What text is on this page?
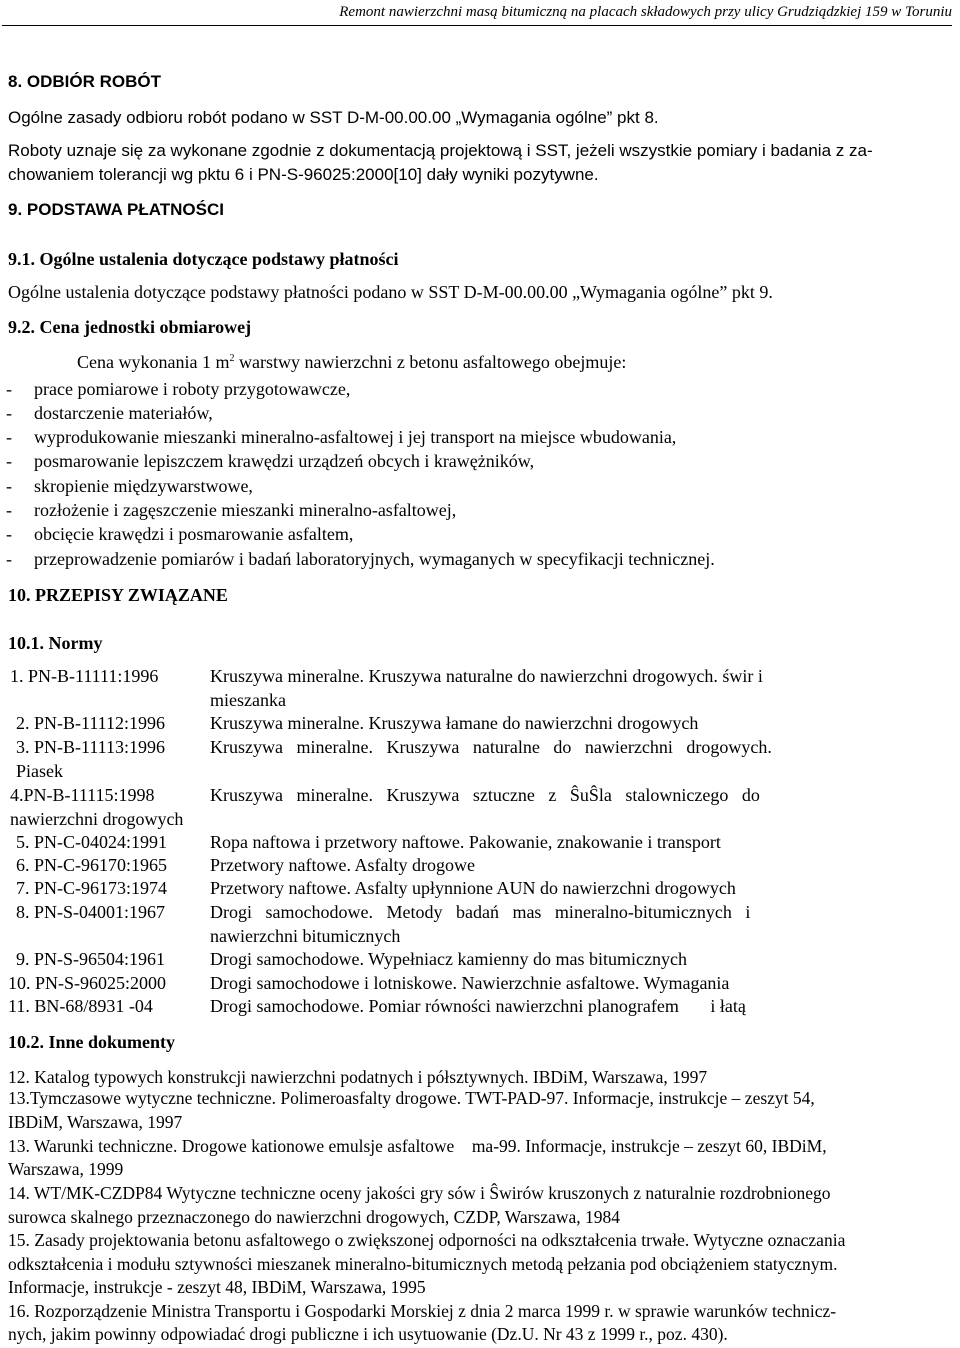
Remont nawierzchni masą bitumiczną na placach składowych przy ulicy Grudziądzkiej 159 w Toruniu
8. ODBIÓR ROBÓT
Ogólne zasady odbioru robót podano w SST D-M-00.00.00 „Wymagania ogólne” pkt 8.
Roboty uznaje się za wykonane zgodnie z dokumentacją projektową i SST, jeżeli wszystkie pomiary i badania z za-
chowaniem tolerancji wg pktu 6 i PN-S-96025:2000[10] dały wyniki pozytywne.
9. PODSTAWA PŁATNOŚCI
9.1. Ogólne ustalenia dotyczące podstawy płatności
Ogólne ustalenia dotyczące podstawy płatności podano w SST D-M-00.00.00 „Wymagania ogólne” pkt 9.
9.2. Cena jednostki obmiarowej
Cena wykonania 1 $m^2$ warstwy nawierzchni z betonu asfaltowego obejmuje:
- prace pomiarowe i roboty przygotowawcze,
- dostarczenie materiałów,
- wyprodukowanie mieszanki mineralno-asfaltowej i jej transport na miejsce wbudowania,
- posmarowanie lepiszczem krawędzi urządzeń obcych i krawężników,
- skropienie międzywarstwowe,
- rozłożenie i zagęszczenie mieszanki mineralno-asfaltowej,
- obcięcie krawędzi i posmarowanie asfaltem,
- przeprowadzenie pomiarów i badań laboratoryjnych, wymaganych w specyfikacji technicznej.
10. PRZEPISY ZWIĄZANE
10.1. Normy
1. PN-B-11111:1996	Kruszywa mineralne. Kruszywa naturalne do nawierzchni drogowych. świr i
mieszanka
2. PN-B-11112:1996 Kruszywa mineralne. Kruszywa łamane do nawierzchni drogowych
3. PN-B-11113:1996 Kruszywa   mineralne.   Kruszywa   naturalne   do   nawierzchni   drogowych.
Piasek
4.PN-B-11115:1998	Kruszywa   mineralne.   Kruszywa   sztuczne   z   ŜuŜla   stalowniczego   do
nawierzchni drogowych
5. PN-C-04024:1991 Ropa naftowa i przetwory naftowe. Pakowanie, znakowanie i transport
6. PN-C-96170:1965 Przetwory naftowe. Asfalty drogowe
7. PN-C-96173:1974 Przetwory naftowe. Asfalty upłynnione AUN do nawierzchni drogowych
8. PN-S-04001:1967 Drogi   samochodowe.   Metody   badań   mas   mineralno-bitumicznych   i
nawierzchni bitumicznych
9. PN-S-96504:1961 Drogi samochodowe. Wypełniacz kamienny do mas bitumicznych
10. PN-S-96025:2000 Drogi samochodowe i lotniskowe. Nawierzchnie asfaltowe. Wymagania
11. BN-68/8931 -04	Drogi samochodowe. Pomiar równości nawierzchni planografem       i łatą
10.2. Inne dokumenty
12. Katalog typowych konstrukcji nawierzchni podatnych i półsztywnych. IBDiM, Warszawa, 1997
13.Tymczasowe wytyczne techniczne. Polimeroasfalty drogowe. TWT-PAD-97. Informacje, instrukcje – zeszyt 54,
IBDiM, Warszawa, 1997
13. Warunki techniczne. Drogowe kationowe emulsje asfaltowe    ma-99. Informacje, instrukcje – zeszyt 60, IBDiM,
Warszawa, 1999
14. WT/MK-CZDP84 Wytyczne techniczne oceny jakości gry sów i Ŝwirów kruszonych z naturalnie rozdrobnionego
surowca skalnego przeznaczonego do nawierzchni drogowych, CZDP, Warszawa, 1984
15. Zasady projektowania betonu asfaltowego o zwiększonej odporności na odkształcenia trwałe. Wytyczne oznaczania
odkształcenia i modułu sztywności mieszanek mineralno-bitumicznych metodą pełzania pod obciążeniem statycznym.
Informacje, instrukcje - zeszyt 48, IBDiM, Warszawa, 1995
16. Rozporządzenie Ministra Transportu i Gospodarki Morskiej z dnia 2 marca 1999 r. w sprawie warunków technicz-
nych, jakim powinny odpowiadać drogi publiczne i ich usytuowanie (Dz.U. Nr 43 z 1999 r., poz. 430).
